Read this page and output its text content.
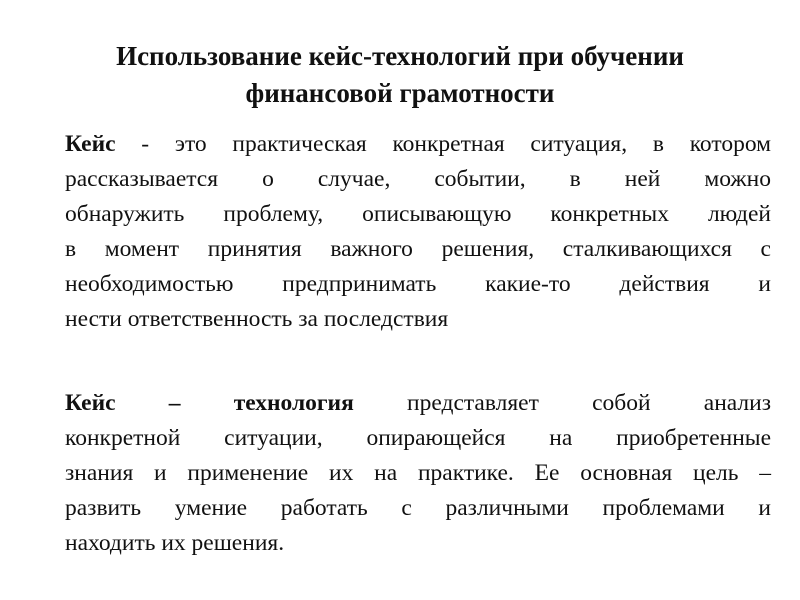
Использование кейс-технологий при обучении
финансовой грамотности
Кейс - это практическая конкретная ситуация, в котором
рассказывается о случае, событии, в ней можно
обнаружить проблему, описывающую конкретных людей
в момент принятия важного решения, сталкивающихся с
необходимостью предпринимать какие-то действия и
нести ответственность за последствия
Кейс – технология представляет собой анализ
конкретной ситуации, опирающейся на приобретенные
знания и применение их на практике. Ее основная цель –
развить умение работать с различными проблемами и
находить их решения.
